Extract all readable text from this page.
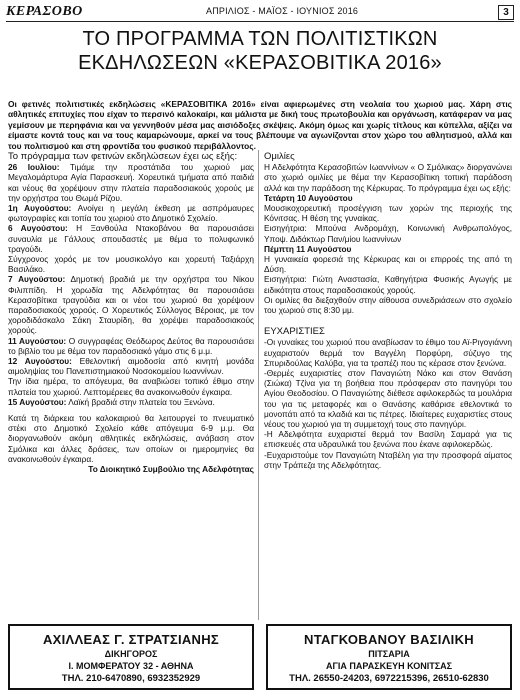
ΚΕΡΑΣΟΒΟ	ΑΠΡΙΛΙΟΣ - ΜΑΪΟΣ - ΙΟΥΝΙΟΣ 2016	3
ΤΟ ΠΡΟΓΡΑΜΜΑ ΤΩΝ ΠΟΛΙΤΙΣΤΙΚΩΝ
ΕΚΔΗΛΩΣΕΩΝ «ΚΕΡΑΣΟΒΙΤΙΚΑ 2016»

Οι φετινές πολιτιστικές εκδηλώσεις «ΚΕΡΑΣΟΒΙΤΙΚΑ 2016» είναι αφιερωμένες στη νεολαία του χωριού μας. Χάρη στις αθλητικές επιτυχίες που είχαν το περσινό καλοκαίρι, και μάλιστα με δική τους πρωτοβουλία και οργάνωση, κατάφεραν να μας γεμίσουν με περηφάνια και να γεννηθούν μέσα μας αισιόδοξες σκέψεις. Ακόμη όμως και χωρίς τίτλους και κύπελλα, αξίζει να είμαστε κοντά τους και να τους καμαρώνουμε, αρκεί να τους βλέπουμε να αγωνίζονται στον χώρο του αθλητισμού, αλλά και του πολιτισμού και στη φροντίδα του φυσικού περιβάλλοντος.

Το πρόγραμμα των φετινών εκδηλώσεων έχει ως εξής:

26 Ιουλίου: Τιμάμε την προστάτιδα του χωριού μας Μεγαλομάρτυρα Αγία Παρασκευή. Χορευτικά τμήματα από παιδιά και νέους θα χορέψουν στην πλατεία παραδοσιακούς χορούς με την ορχήστρα του Θωμά Ρίζου.

1η Αυγούστου: Ανοίγει η μεγάλη έκθεση με ασπρόμαυρες φωτογραφίες και τοπία του χωριού στο Δημοτικό Σχολείο.

6 Αυγούστου: Η Ξανθούλα Ντακοβάνου θα παρουσιάσει συναυλία με Γάλλους σπουδαστές με θέμα το πολυφωνικό τραγούδι.

Σύγχρονος χορός με τον μουσικολόγο και χορευτή Ταξιάρχη Βασιλάκο.

7 Αυγούστου: Δημοτική βραδιά με την ορχήστρα του Νίκου Φιλιππίδη. Η χορωδία της Αδελφότητας θα παρουσιάσει Κερασοβίτικα τραγούδια και οι νέοι του χωριού θα χορέψουν παραδοσιακούς χορούς. Ο Χορευτικός Σύλλογος Βέροιας, με τον χοροδιδάσκαλο Σάκη Σταυρίδη, θα χορέψει παραδοσιακούς χορούς.

11 Αυγούστου: Ο συγγραφέας Θεόδωρος Δεύτος θα παρουσιάσει το βιβλίο του με θέμα τον παραδοσιακό γάμο στις 6 μ.μ.

12 Αυγούστου: Εθελοντική αιμοδοσία από κινητή μονάδα αιμοληψίας του Πανεπιστημιακού Νοσοκομείου Ιωαννίνων.

Την ίδια ημέρα, το απόγευμα, θα αναβιώσει τοπικό έθιμο στην πλατεία του χωριού. Λεπτομέρειες θα ανακοινωθούν έγκαιρα.

15 Αυγούστου: Λαϊκή βραδιά στην πλατεία του Ξενώνα.

Κατά τη διάρκεια του καλοκαιριού θα λειτουργεί το πνευματικό στέκι στο Δημοτικό Σχολείο κάθε απόγευμα 6-9 μ.μ. Θα διοργανωθούν ακόμη αθλητικές εκδηλώσεις, ανάβαση στον Σμόλικα και άλλες δράσεις, των οποίων οι ημερομηνίες θα ανακοινωθούν έγκαιρα.

Το Διοικητικό Συμβούλιο της Αδελφότητας

Ομιλίες

Η Αδελφότητα Κερασοβιτών Ιωαννίνων « Ο Σμόλικας» διοργανώνει στο χωριό ομιλίες με θέμα την Κερασοβίτικη τοπική παράδοση αλλά και την παράδοση της Κέρκυρας. Το πρόγραμμα έχει ως εξής:

Τετάρτη 10 Αυγούστου

Μουσικοχορευτική προσέγγιση των χορών της περιοχής της Κόνιτσας. Η θέση της γυναίκας.

Εισηγήτρια: Μπούνα Ανδρομάχη, Κοινωνική Ανθρωπολόγος, Υποψ. Διδάκτωρ Παν/μίου Ιωαννίνων

Πέμπτη 11 Αυγούστου

Η γυναικεία φορεσιά της Κέρκυρας και οι επιρροές της από τη Δύση.

Εισηγήτρια: Γιώτη Αναστασία, Καθηγήτρια Φυσικής Αγωγής με ειδικότητα στους παραδοσιακούς χορούς.

Οι ομιλίες θα διεξαχθούν στην αίθουσα συνεδριάσεων στο σχολείο του χωριού στις 8:30 μμ.

ΕΥΧΑΡΙΣΤΙΕΣ

-Οι γυναίκες του χωριού που αναβίωσαν το έθιμο του Αϊ-Ριγογιάννη ευχαριστούν θερμά τον Βαγγέλη Πορφύρη, σύζυγο της Σπυριδούλας Καλύβα, για τα τραπέζι που τις κέρασε στον ξενώνα.

-Θερμές ευχαριστίες στον Παναγιώτη Νάκο και στον Θανάση (Σιώκα) Τζίνα για τη βοήθεια που πρόσφεραν στο πανηγύρι του Αγίου Θεοδοσίου. Ο Παναγιώτης διέθεσε αφιλοκερδώς τα μουλάρια του για τις μεταφορές και ο Θανάσης καθάρισε εθελοντικά το μονοπάτι από τα κλαδιά και τις πέτρες. Ιδιαίτερες ευχαριστίες στους νέους του χωριού για τη συμμετοχή τους στο πανηγύρι.

-Η Αδελφότητα ευχαριστεί θερμά τον Βασίλη Σαμαρά για τις επισκευές στα υδραυλικά του ξενώνα που έκανε αφιλοκερδώς.

-Ευχαριστούμε τον Παναγιώτη Νταβέλη για την προσφορά αίματος στην Τράπεζα της Αδελφότητας.

ΑΧΙΛΛΕΑΣ Γ. ΣΤΡΑΤΣΙΑΝΗΣ
ΔΙΚΗΓΟΡΟΣ
Ι. ΜΟΜΦΕΡΑΤΟΥ 32 - ΑΘΗΝΑ
ΤΗΛ. 210-6470890, 6932352929
ΝΤΑΓΚΟΒΑΝΟΥ ΒΑΣΙΛΙΚΗ
ΠΙΤΣΑΡΙΑ
ΑΓΙΑ ΠΑΡΑΣΚΕΥΗ ΚΟΝΙΤΣΑΣ
ΤΗΛ. 26550-24203, 6972215396, 26510-62830
